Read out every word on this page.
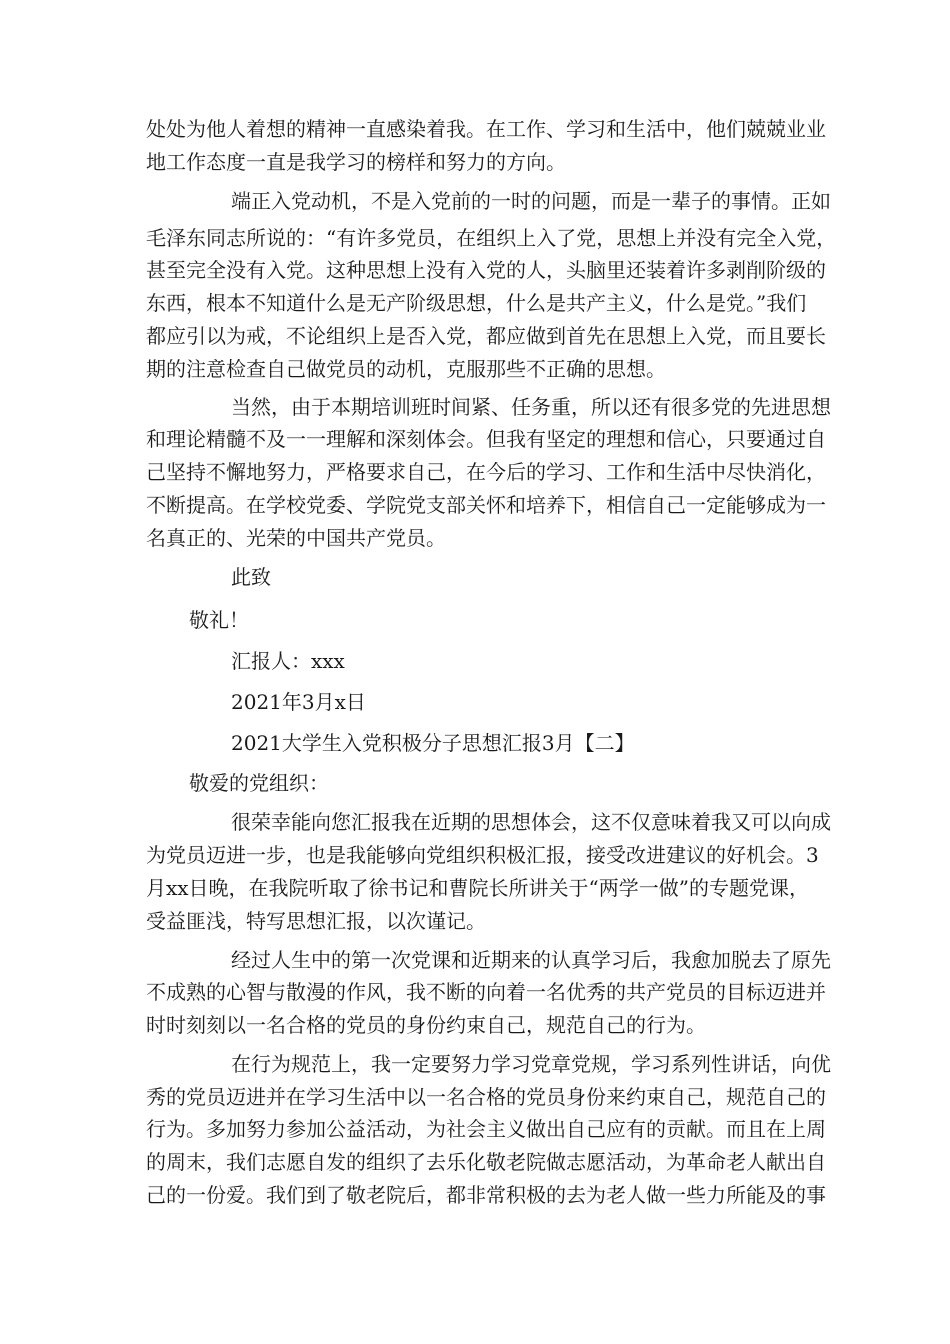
处处为他人着想的精神一直感染着我。在工作、学习和生活中，他们兢兢业业
地工作态度一直是我学习的榜样和努力的方向。
端正入党动机，不是入党前的一时的问题，而是一辈子的事情。正如
毛泽东同志所说的：“有许多党员，在组织上入了党，思想上并没有完全入党，
甚至完全没有入党。这种思想上没有入党的人，头脑里还装着许多剥削阶级的
东西，根本不知道什么是无产阶级思想，什么是共产主义，什么是党。”我们
都应引以为戒，不论组织上是否入党，都应做到首先在思想上入党，而且要长
期的注意检查自己做党员的动机，克服那些不正确的思想。
当然，由于本期培训班时间紧、任务重，所以还有很多党的先进思想
和理论精髓不及一一理解和深刻体会。但我有坚定的理想和信心，只要通过自
己坚持不懈地努力，严格要求自己，在今后的学习、工作和生活中尽快消化，
不断提高。在学校党委、学院党支部关怀和培养下，相信自己一定能够成为一
名真正的、光荣的中国共产党员。
此致
敬礼！
汇报人：xxx
2021年3月x日
2021大学生入党积极分子思想汇报3月【二】
敬爱的党组织：
很荣幸能向您汇报我在近期的思想体会，这不仅意味着我又可以向成
为党员迈进一步，也是我能够向党组织积极汇报，接受改进建议的好机会。3
月xx日晚，在我院听取了徐书记和曹院长所讲关于“两学一做”的专题党课，
受益匪浅，特写思想汇报，以次谨记。
经过人生中的第一次党课和近期来的认真学习后，我愈加脱去了原先
不成熟的心智与散漫的作风，我不断的向着一名优秀的共产党员的目标迈进并
时时刻刻以一名合格的党员的身份约束自己，规范自己的行为。
在行为规范上，我一定要努力学习党章党规，学习系列性讲话，向优
秀的党员迈进并在学习生活中以一名合格的党员身份来约束自己，规范自己的
行为。多加努力参加公益活动，为社会主义做出自己应有的贡献。而且在上周
的周末，我们志愿自发的组织了去乐化敬老院做志愿活动，为革命老人献出自
己的一份爱。我们到了敬老院后，都非常积极的去为老人做一些力所能及的事
